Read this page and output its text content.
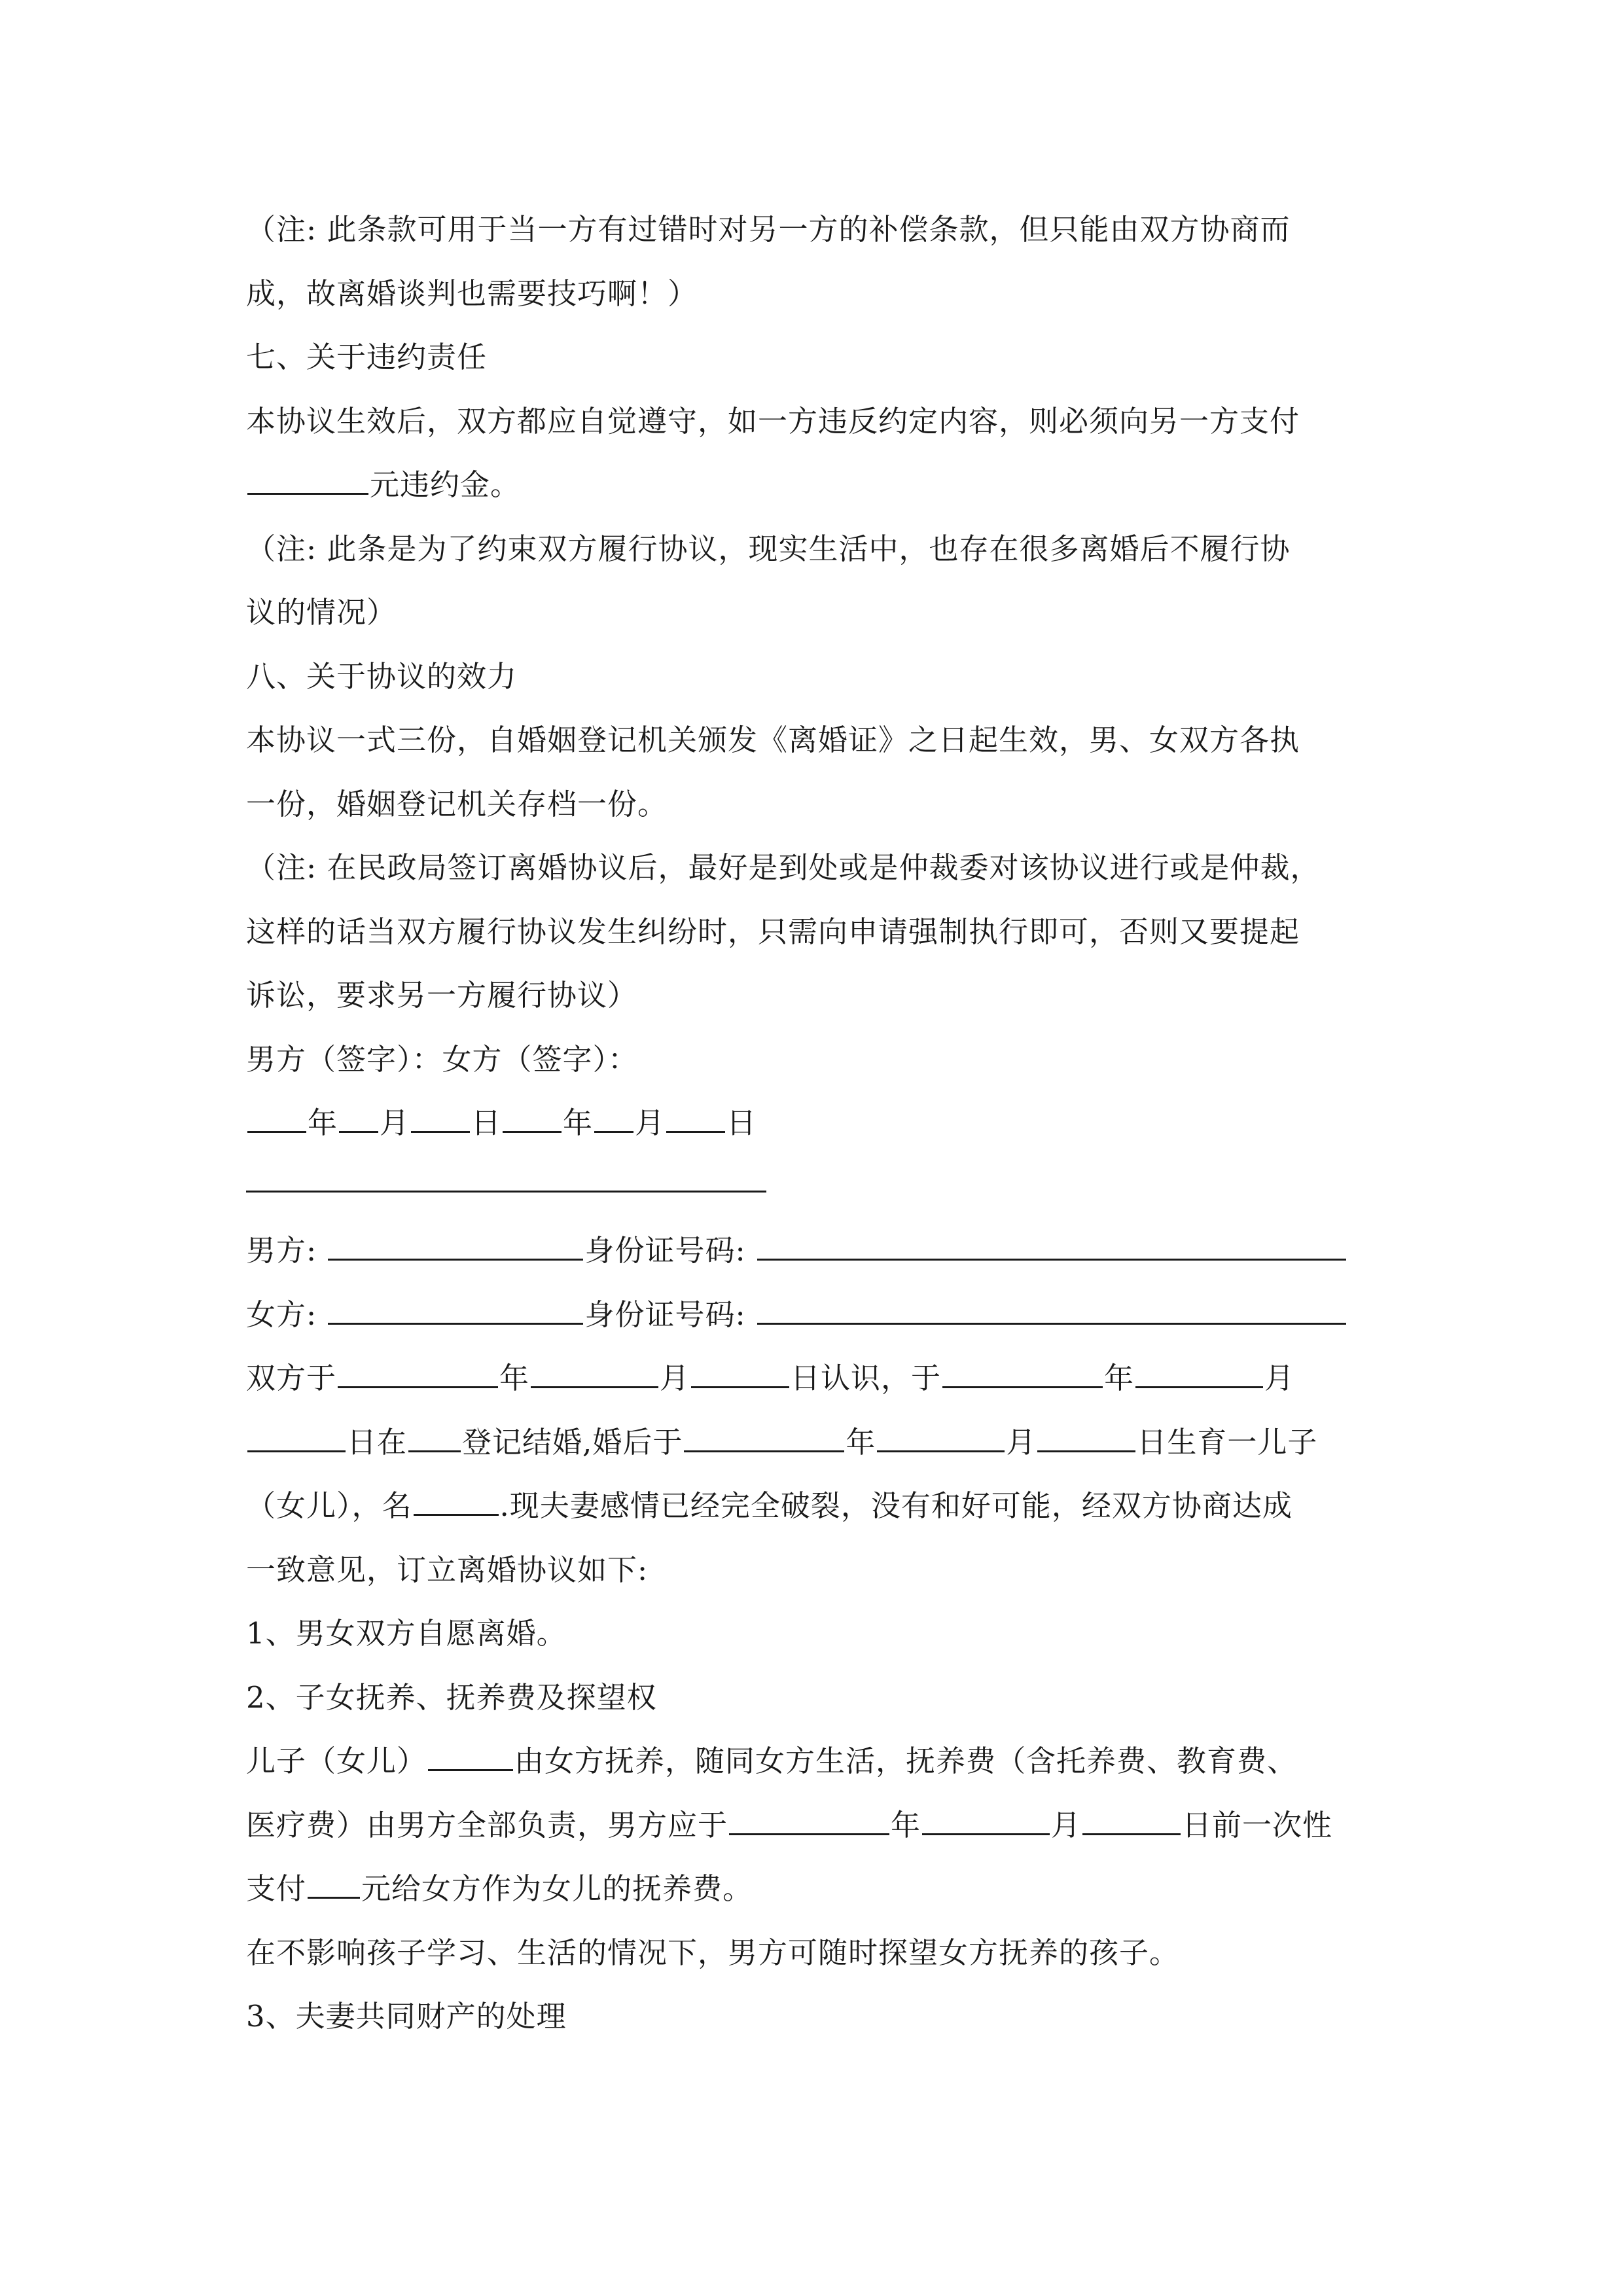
（注: 此条款可用于当一方有过错时对另一方的补偿条款，但只能由双方协商而
成，故离婚谈判也需要技巧啊！）
七、关于违约责任
本协议生效后，双方都应自觉遵守，如一方违反约定内容，则必须向另一方支付
元违约金。
（注: 此条是为了约束双方履行协议，现实生活中，也存在很多离婚后不履行协
议的情况）
八、关于协议的效力
本协议一式三份，自婚姻登记机关颁发《离婚证》之日起生效，男、女双方各执
一份，婚姻登记机关存档一份。
（注: 在民政局签订离婚协议后，最好是到处或是仲裁委对该协议进行或是仲裁，
这样的话当双方履行协议发生纠纷时，只需向申请强制执行即可，否则又要提起
诉讼，要求另一方履行协议）
男方（签字）：女方（签字）：
年 月 日 年 月 日
男方:	身份证号码:
女方:	身份证号码:
双方于	年	月	日认识，于	年	月
日在 登记结婚,婚后于	年	月	日生育一儿子
（女儿），名	.现夫妻感情已经完全破裂，没有和好可能，经双方协商达成
一致意见，订立离婚协议如下:
1、男女双方自愿离婚。
2、子女抚养、抚养费及探望权
儿子（女儿）	由女方抚养，随同女方生活，抚养费（含托养费、教育费、
医疗费）由男方全部负责，男方应于	年	月	日前一次性
支付 元给女方作为女儿的抚养费。
在不影响孩子学习、生活的情况下，男方可随时探望女方抚养的孩子。
3、夫妻共同财产的处理
